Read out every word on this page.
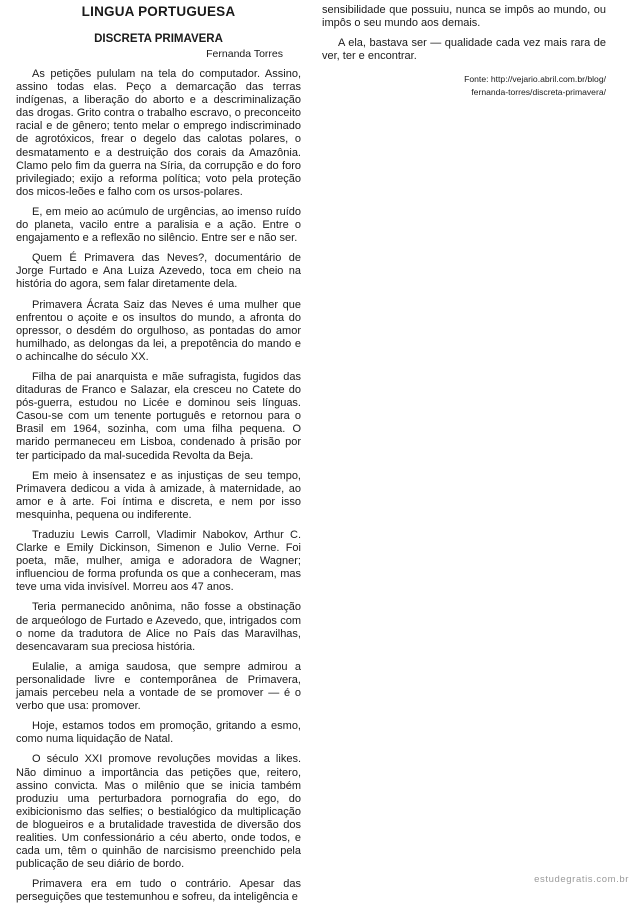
LINGUA PORTUGUESA
DISCRETA PRIMAVERA
Fernanda Torres

As petições pululam na tela do computador. Assino, assino todas elas. Peço a demarcação das terras indígenas, a liberação do aborto e a descriminalização das drogas. Grito contra o trabalho escravo, o preconceito racial e de gênero; tento melar o emprego indiscriminado de agrotóxicos, frear o degelo das calotas polares, o desmatamento e a destruição dos corais da Amazônia. Clamo pelo fim da guerra na Síria, da corrupção e do foro privilegiado; exijo a reforma política; voto pela proteção dos micos-leões e falho com os ursos-polares.

E, em meio ao acúmulo de urgências, ao imenso ruído do planeta, vacilo entre a paralisia e a ação. Entre o engajamento e a reflexão no silêncio. Entre ser e não ser.

Quem É Primavera das Neves?, documentário de Jorge Furtado e Ana Luiza Azevedo, toca em cheio na história do agora, sem falar diretamente dela.

Primavera Ácrata Saiz das Neves é uma mulher que enfrentou o açoite e os insultos do mundo, a afronta do opressor, o desdém do orgulhoso, as pontadas do amor humilhado, as delongas da lei, a prepotência do mando e o achincalhe do século XX.

Filha de pai anarquista e mãe sufragista, fugidos das ditaduras de Franco e Salazar, ela cresceu no Catete do pós-guerra, estudou no Licée e dominou seis línguas. Casou-se com um tenente português e retornou para o Brasil em 1964, sozinha, com uma filha pequena. O marido permaneceu em Lisboa, condenado à prisão por ter participado da mal-sucedida Revolta da Beja.

Em meio à insensatez e as injustiças de seu tempo, Primavera dedicou a vida à amizade, à maternidade, ao amor e à arte. Foi íntima e discreta, e nem por isso mesquinha, pequena ou indiferente.

Traduziu Lewis Carroll, Vladimir Nabokov, Arthur C. Clarke e Emily Dickinson, Simenon e Julio Verne. Foi poeta, mãe, mulher, amiga e adoradora de Wagner; influenciou de forma profunda os que a conheceram, mas teve uma vida invisível. Morreu aos 47 anos.

Teria permanecido anônima, não fosse a obstinação de arqueólogo de Furtado e Azevedo, que, intrigados com o nome da tradutora de Alice no País das Maravilhas, desencavaram sua preciosa história.

Eulalie, a amiga saudosa, que sempre admirou a personalidade livre e contemporânea de Primavera, jamais percebeu nela a vontade de se promover — é o verbo que usa: promover.

Hoje, estamos todos em promoção, gritando a esmo, como numa liquidação de Natal.

O século XXI promove revoluções movidas a likes. Não diminuo a importância das petições que, reitero, assino convicta. Mas o milênio que se inicia também produziu uma perturbadora pornografia do ego, do exibicionismo das selfies; o bestialógico da multiplicação de blogueiros e a brutalidade travestida de diversão dos realities. Um confessionário a céu aberto, onde todos, e cada um, têm o quinhão de narcisismo preenchido pela publicação de seu diário de bordo.

Primavera era em tudo o contrário. Apesar das perseguições que testemunhou e sofreu, da inteligência e

sensibilidade que possuiu, nunca se impôs ao mundo, ou impôs o seu mundo aos demais.

A ela, bastava ser — qualidade cada vez mais rara de ver, ter e encontrar.

Fonte: http://vejario.abril.com.br/blog/
fernanda-torres/discreta-primavera/
estudegratis.com.br
